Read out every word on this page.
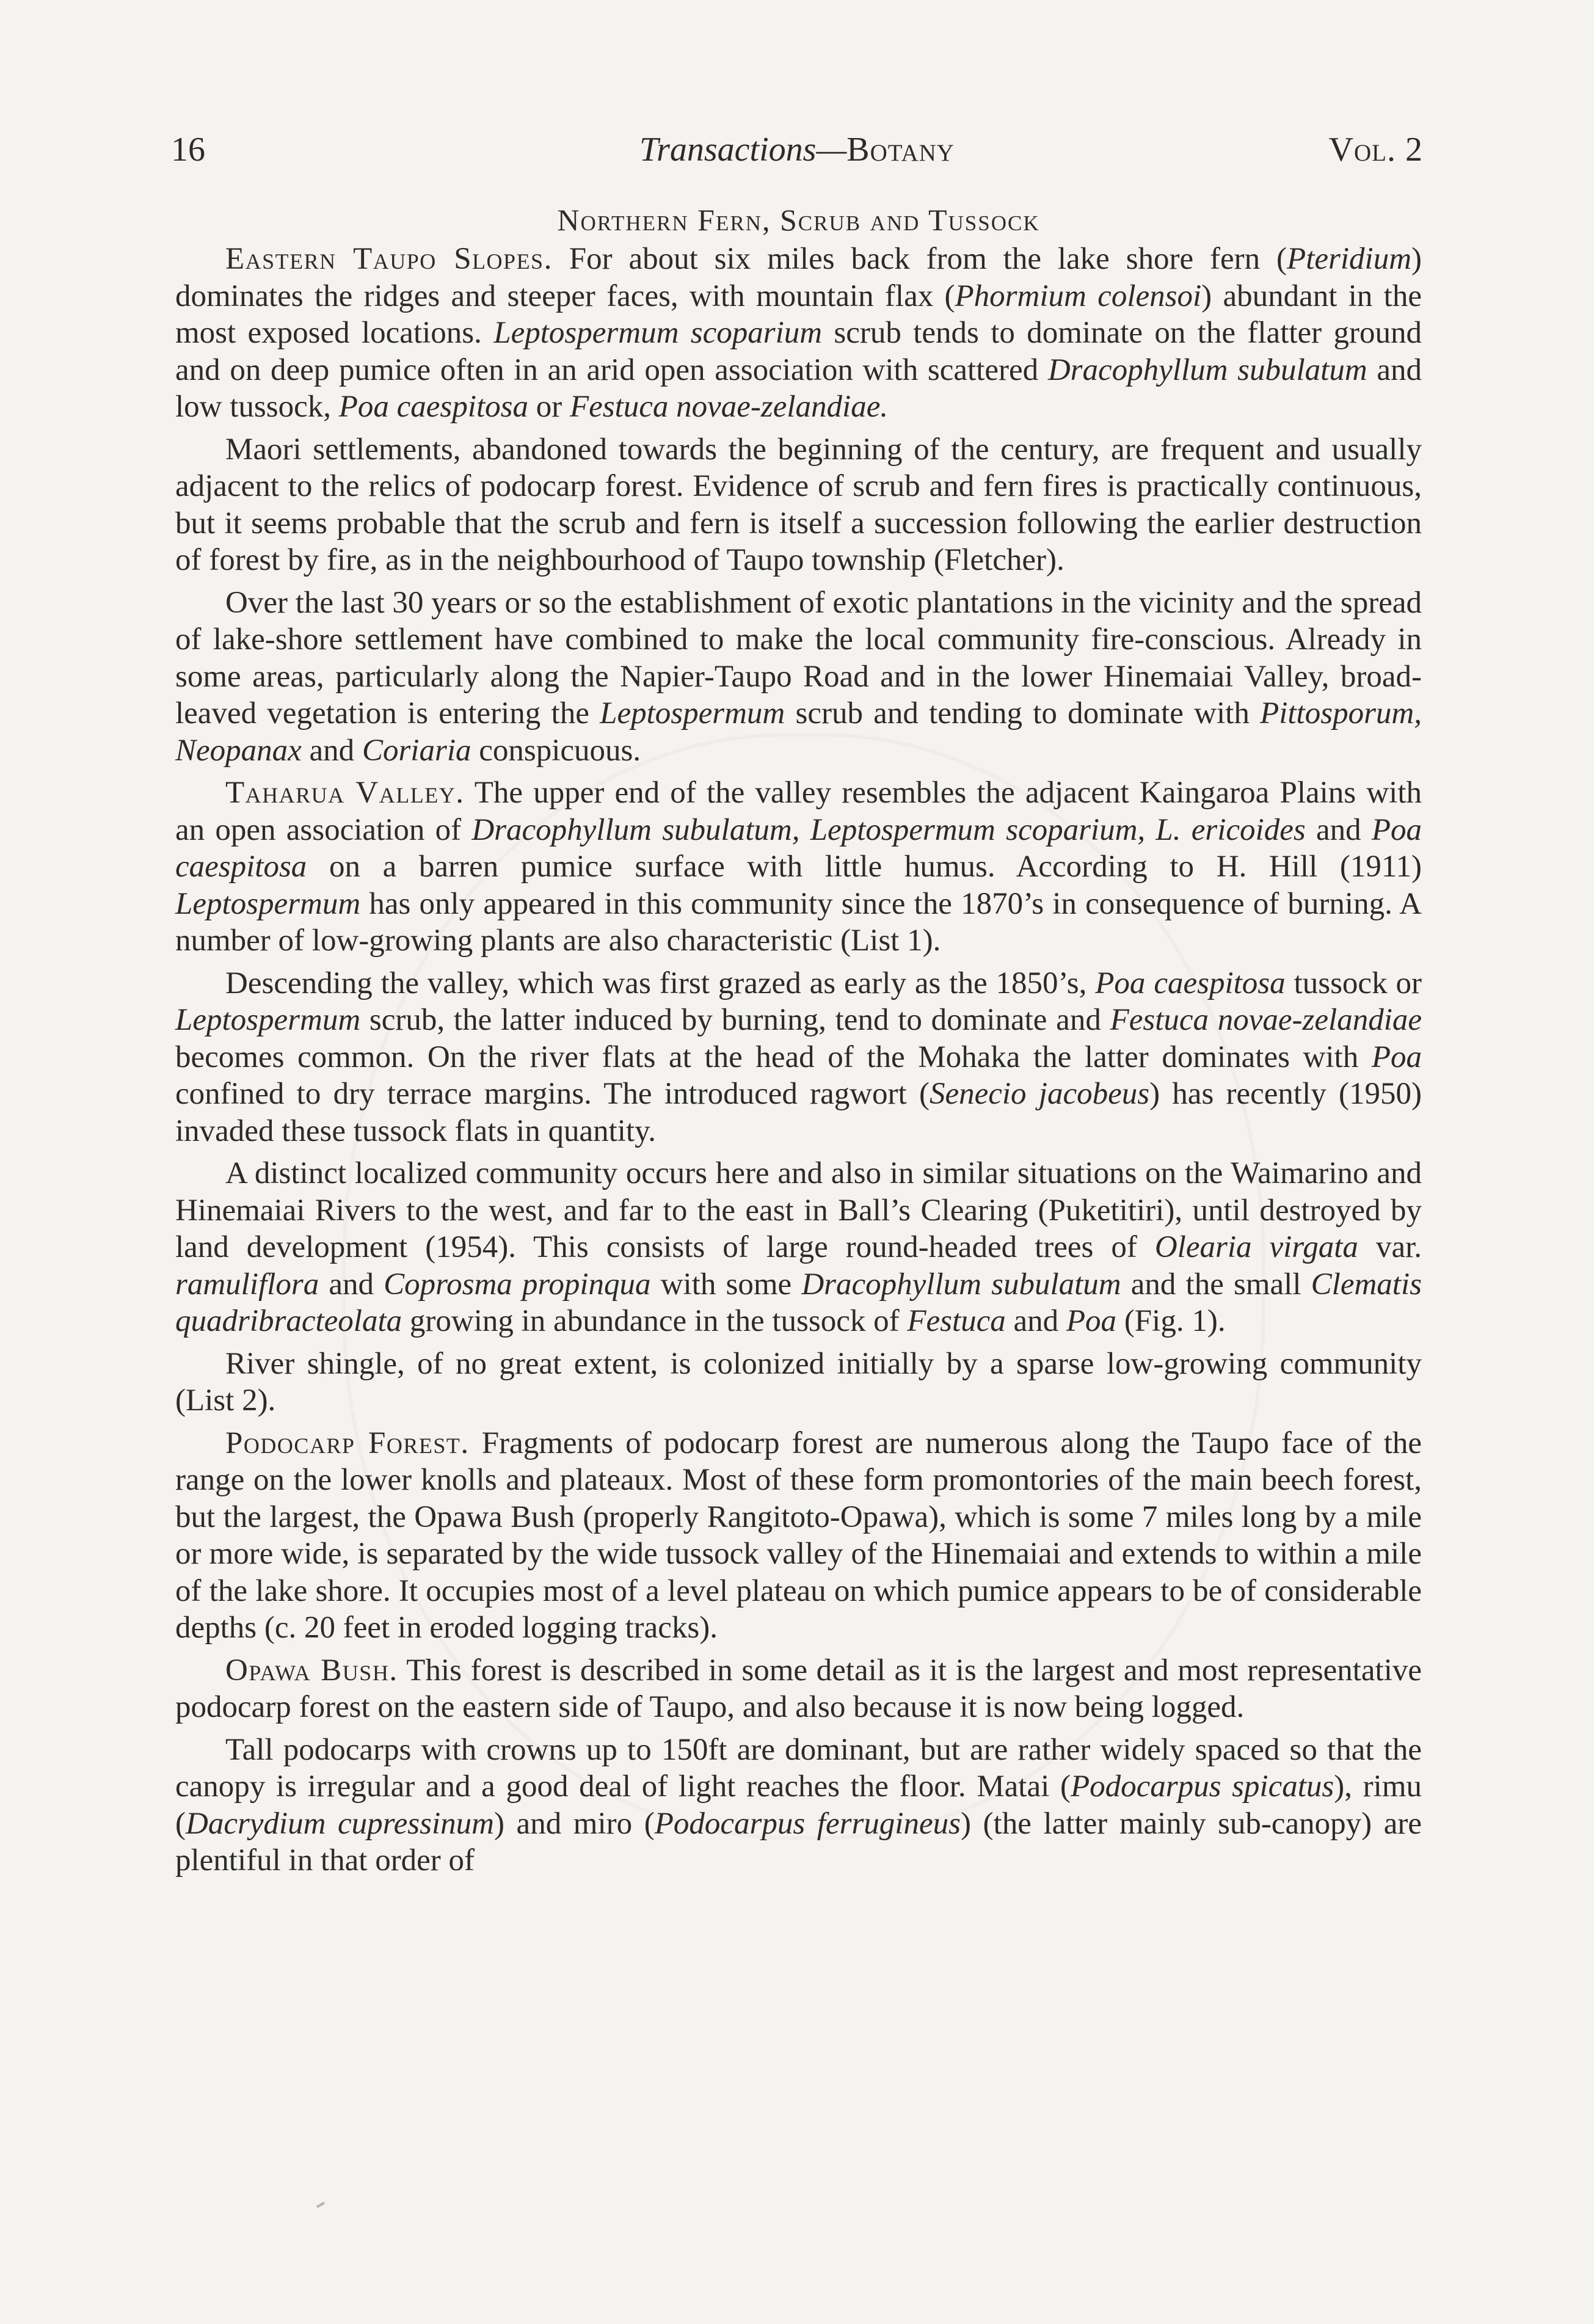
16	Transactions—Botany	Vol. 2
Northern Fern, Scrub and Tussock

Eastern Taupo Slopes. For about six miles back from the lake shore fern (Pteridium) dominates the ridges and steeper faces, with mountain flax (Phormium colensoi) abundant in the most exposed locations. Leptospermum scoparium scrub tends to dominate on the flatter ground and on deep pumice often in an arid open association with scattered Dracophyllum subulatum and low tussock, Poa caespitosa or Festuca novae-zelandiae.

Maori settlements, abandoned towards the beginning of the century, are frequent and usually adjacent to the relics of podocarp forest. Evidence of scrub and fern fires is practically continuous, but it seems probable that the scrub and fern is itself a succession following the earlier destruction of forest by fire, as in the neighbourhood of Taupo township (Fletcher).

Over the last 30 years or so the establishment of exotic plantations in the vicinity and the spread of lake-shore settlement have combined to make the local community fire-conscious. Already in some areas, particularly along the Napier-Taupo Road and in the lower Hinemaiai Valley, broad-leaved vegetation is entering the Leptospermum scrub and tending to dominate with Pittosporum, Neopanax and Coriaria conspicuous.

Taharua Valley. The upper end of the valley resembles the adjacent Kaingaroa Plains with an open association of Dracophyllum subulatum, Leptospermum scoparium, L. ericoides and Poa caespitosa on a barren pumice surface with little humus. According to H. Hill (1911) Leptospermum has only appeared in this community since the 1870’s in consequence of burning. A number of low-growing plants are also characteristic (List 1).

Descending the valley, which was first grazed as early as the 1850’s, Poa caespitosa tussock or Leptospermum scrub, the latter induced by burning, tend to dominate and Festuca novae-zelandiae becomes common. On the river flats at the head of the Mohaka the latter dominates with Poa confined to dry terrace margins. The introduced ragwort (Senecio jacobeus) has recently (1950) invaded these tussock flats in quantity.

A distinct localized community occurs here and also in similar situations on the Waimarino and Hinemaiai Rivers to the west, and far to the east in Ball’s Clearing (Puketitiri), until destroyed by land development (1954). This consists of large round-headed trees of Olearia virgata var. ramuliflora and Coprosma propinqua with some Dracophyllum subulatum and the small Clematis quadribracteolata growing in abundance in the tussock of Festuca and Poa (Fig. 1).

River shingle, of no great extent, is colonized initially by a sparse low-growing community (List 2).

Podocarp Forest. Fragments of podocarp forest are numerous along the Taupo face of the range on the lower knolls and plateaux. Most of these form promontories of the main beech forest, but the largest, the Opawa Bush (properly Rangitoto-Opawa), which is some 7 miles long by a mile or more wide, is separated by the wide tussock valley of the Hinemaiai and extends to within a mile of the lake shore. It occupies most of a level plateau on which pumice appears to be of considerable depths (c. 20 feet in eroded logging tracks).

Opawa Bush. This forest is described in some detail as it is the largest and most representative podocarp forest on the eastern side of Taupo, and also because it is now being logged.

Tall podocarps with crowns up to 150ft are dominant, but are rather widely spaced so that the canopy is irregular and a good deal of light reaches the floor. Matai (Podocarpus spicatus), rimu (Dacrydium cupressinum) and miro (Podocarpus ferrugineus) (the latter mainly sub-canopy) are plentiful in that order of
